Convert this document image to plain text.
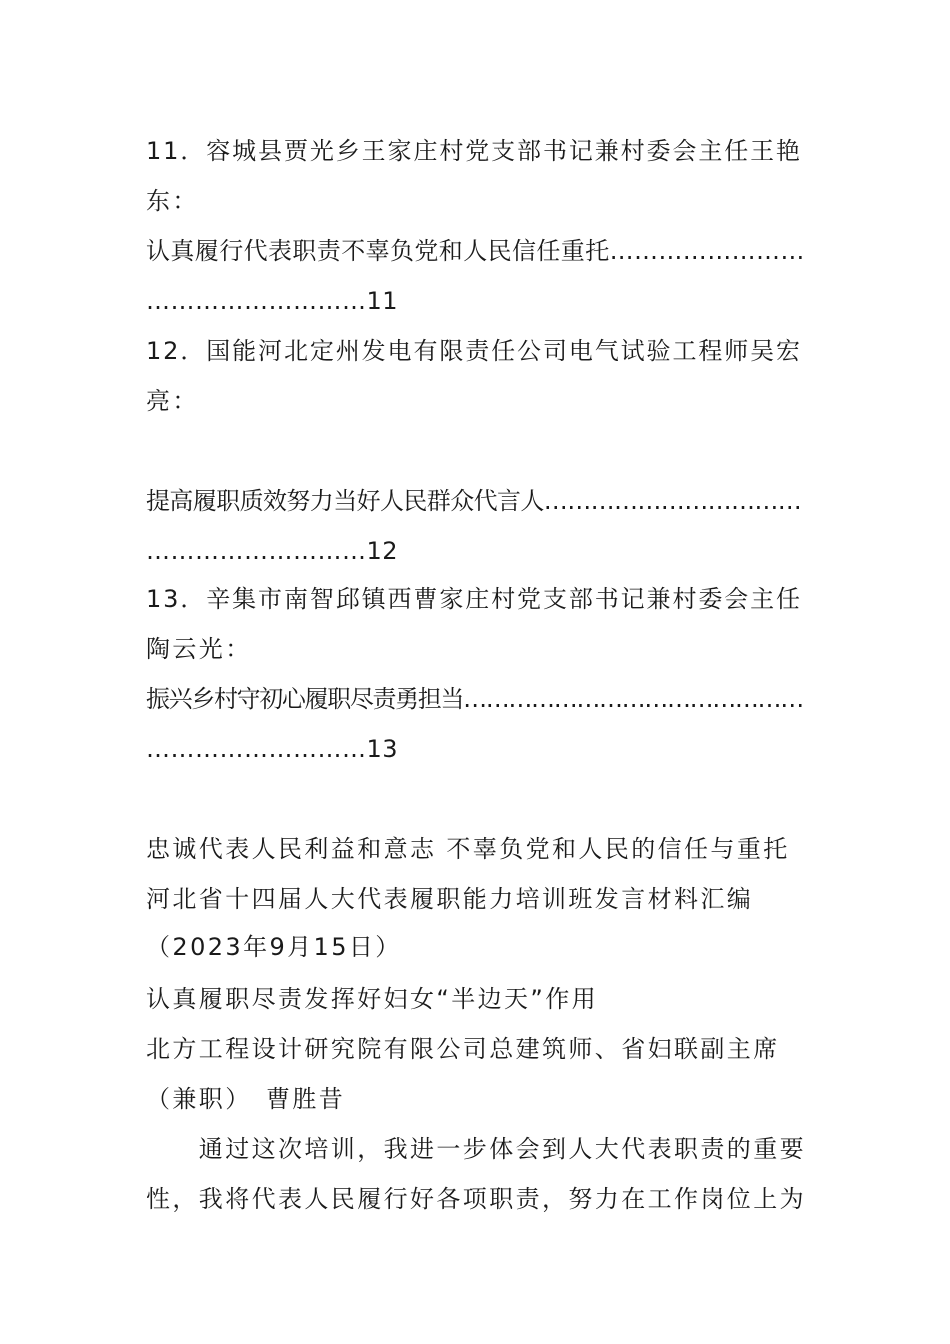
11．容城县贾光乡王家庄村党支部书记兼村委会主任王艳
东：
认真履行代表职责不辜负党和人民信任重托……………………
………………………11
12．国能河北定州发电有限责任公司电气试验工程师吴宏
亮：
提高履职质效努力当好人民群众代言人……………………………
………………………12
13．辛集市南智邱镇西曹家庄村党支部书记兼村委会主任
陶云光：
振兴乡村守初心履职尽责勇担当………………………………………
………………………13
忠诚代表人民利益和意志 不辜负党和人民的信任与重托
河北省十四届人大代表履职能力培训班发言材料汇编
（2023年9月15日）
认真履职尽责发挥好妇女“半边天”作用
北方工程设计研究院有限公司总建筑师、省妇联副主席
（兼职）　曹胜昔
　　通过这次培训，我进一步体会到人大代表职责的重要
性，我将代表人民履行好各项职责，努力在工作岗位上为
